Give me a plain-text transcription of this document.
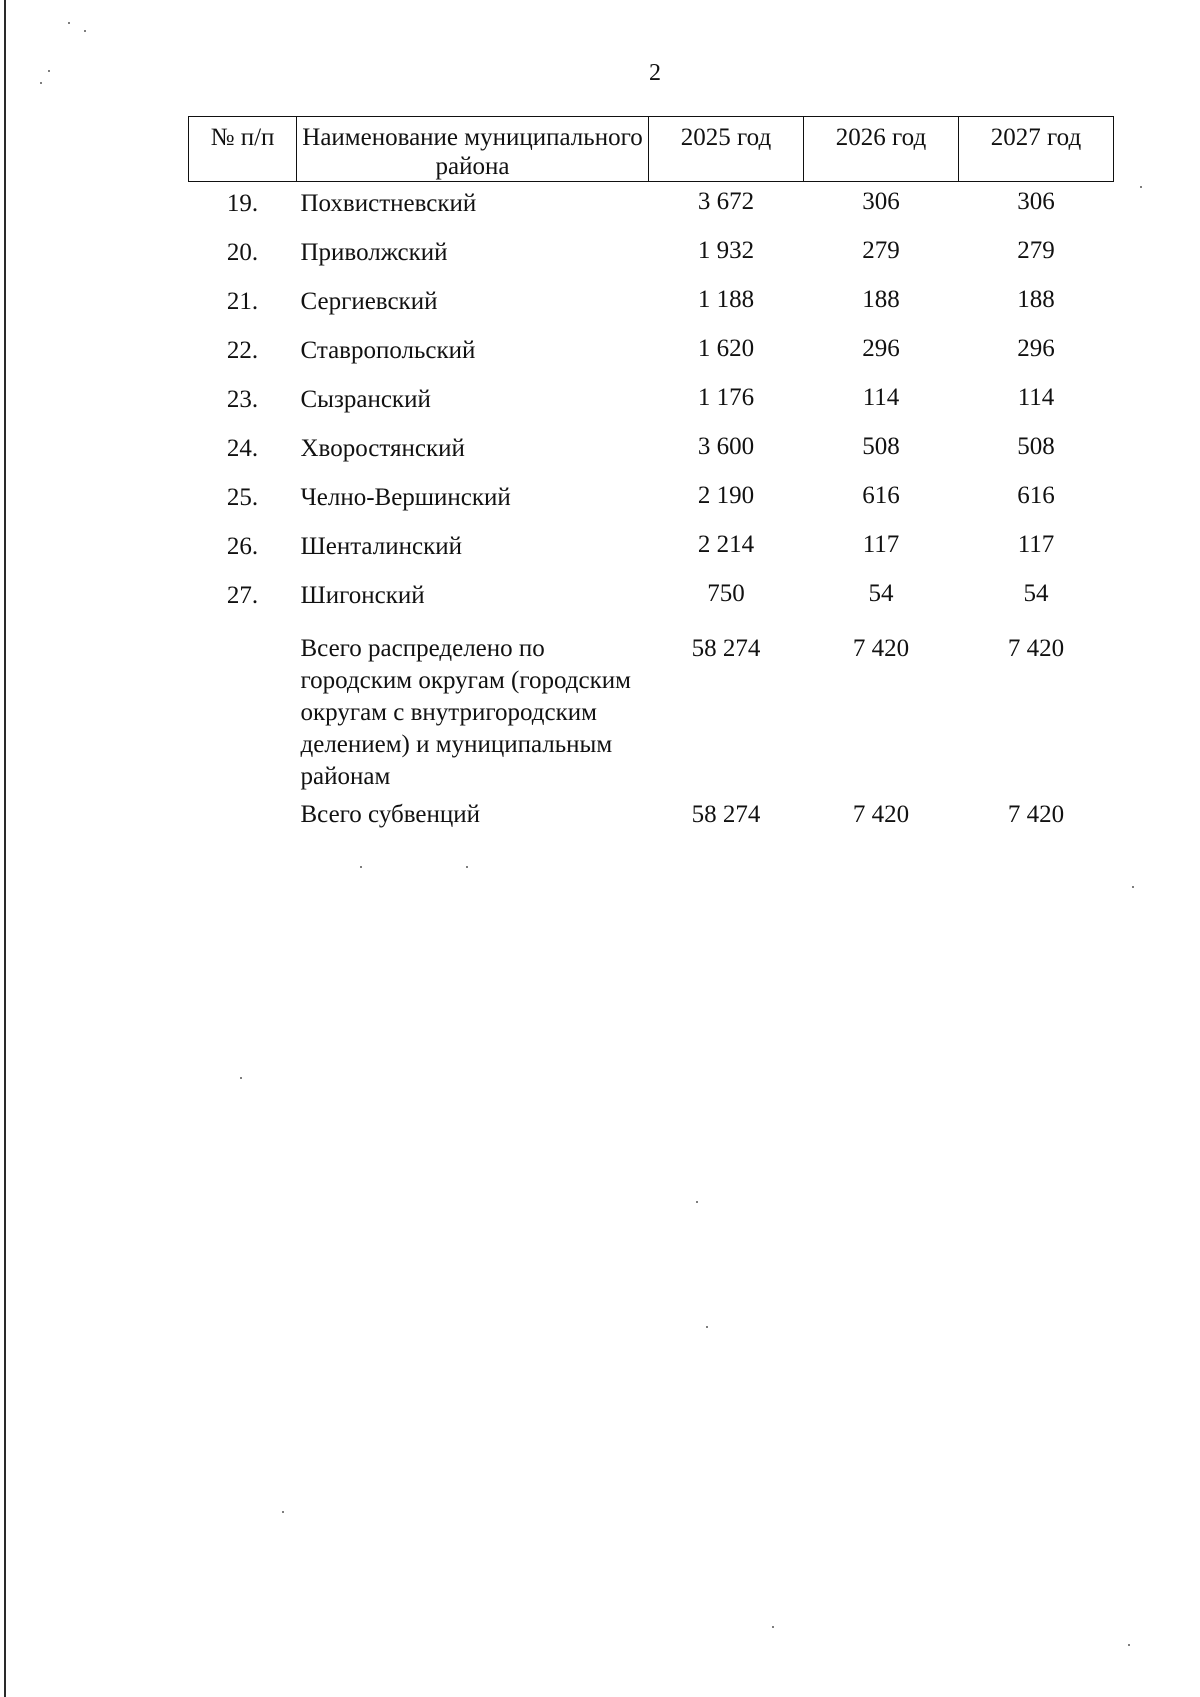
2
№ п/п	Наименование муниципального района	2025 год	2026 год	2027 год
19.	Похвистневский	3 672	306	306
20.	Приволжский	1 932	279	279
21.	Сергиевский	1 188	188	188
22.	Ставропольский	1 620	296	296
23.	Сызранский	1 176	114	114
24.	Хворостянский	3 600	508	508
25.	Челно-Вершинский	2 190	616	616
26.	Шенталинский	2 214	117	117
27.	Шигонский	750	54	54
	Всего распределено по городским округам (городским округам с внутригородским делением) и муниципальным районам	58 274	7 420	7 420
	Всего субвенций	58 274	7 420	7 420
